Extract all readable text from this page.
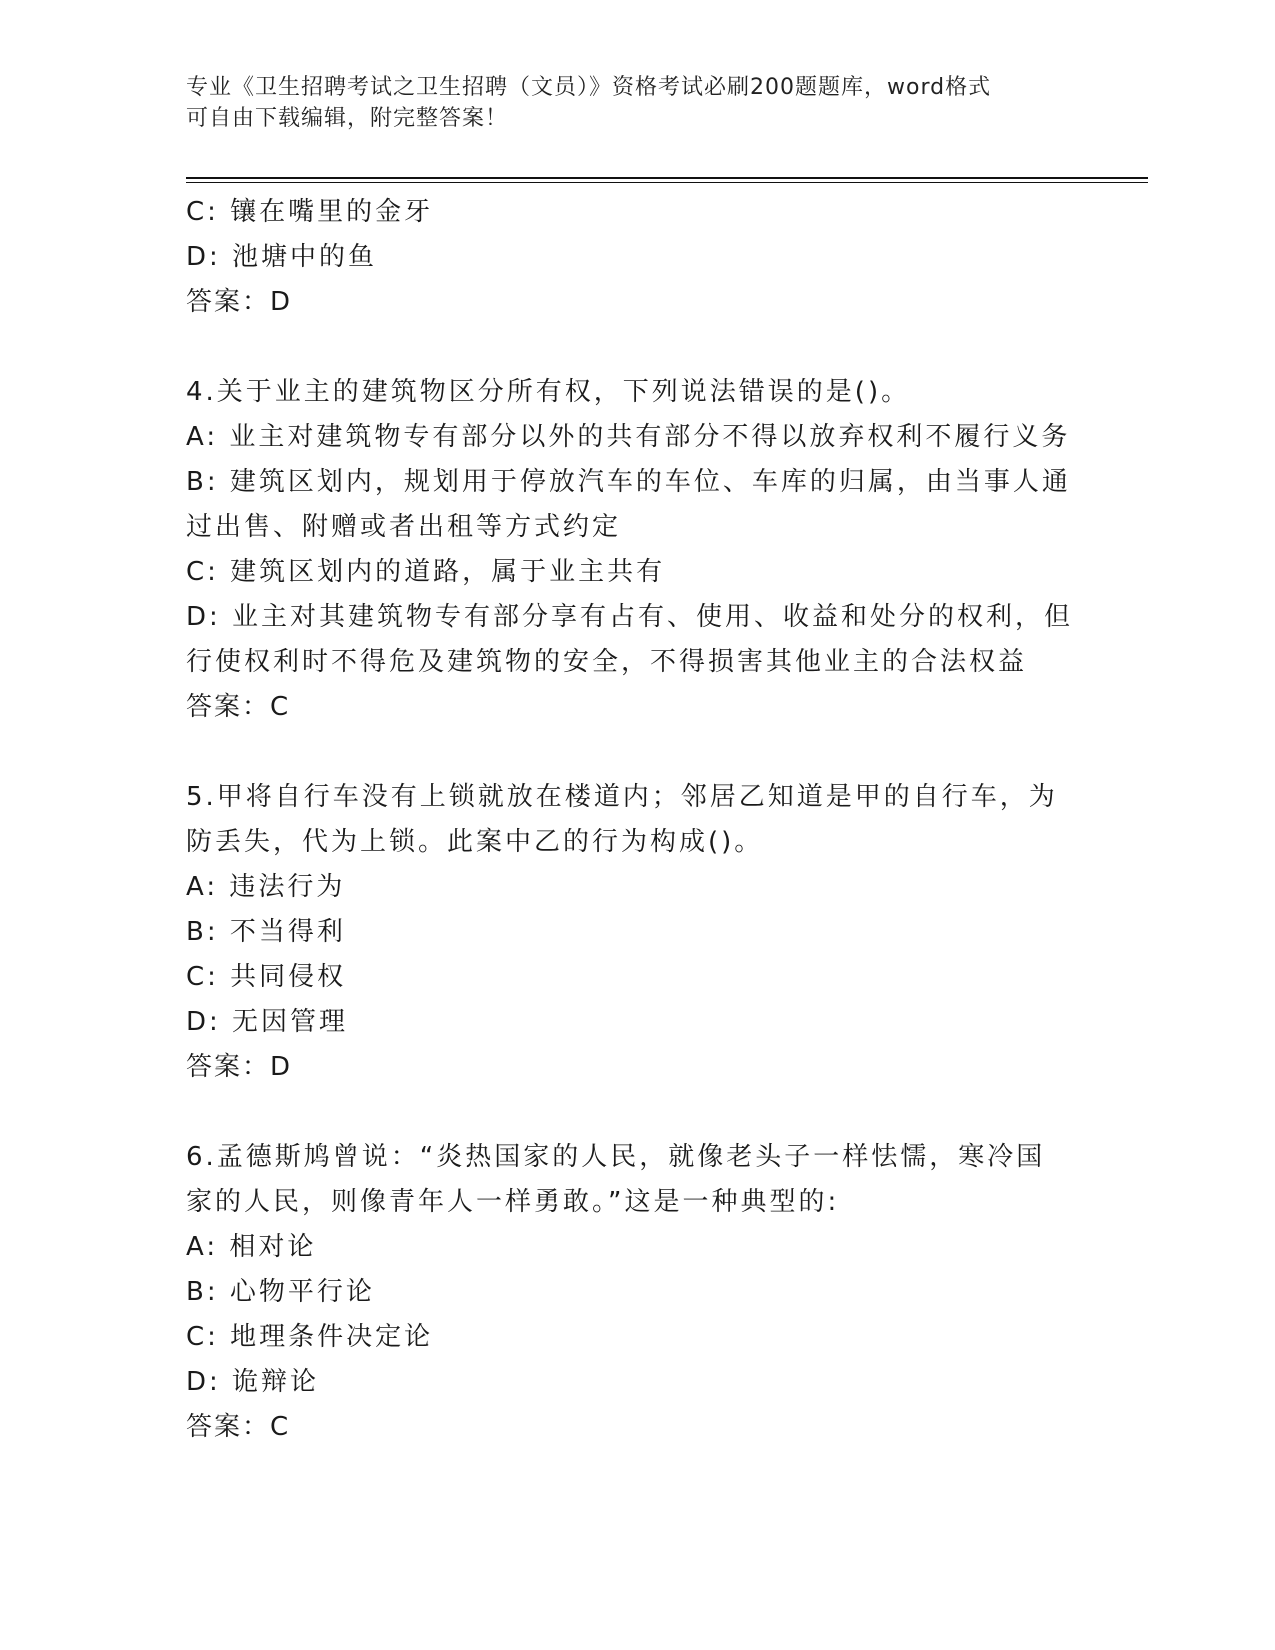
专业《卫生招聘考试之卫生招聘（文员）》资格考试必刷200题题库，word格式
可自由下载编辑，附完整答案！
C: 镶在嘴里的金牙
D: 池塘中的鱼
答案：D
4.关于业主的建筑物区分所有权，下列说法错误的是()。
A: 业主对建筑物专有部分以外的共有部分不得以放弃权利不履行义务
B: 建筑区划内，规划用于停放汽车的车位、车库的归属，由当事人通
过出售、附赠或者出租等方式约定
C: 建筑区划内的道路，属于业主共有
D: 业主对其建筑物专有部分享有占有、使用、收益和处分的权利，但
行使权利时不得危及建筑物的安全，不得损害其他业主的合法权益
答案：C
5.甲将自行车没有上锁就放在楼道内；邻居乙知道是甲的自行车，为
防丢失，代为上锁。此案中乙的行为构成()。
A: 违法行为
B: 不当得利
C: 共同侵权
D: 无因管理
答案：D
6.孟德斯鸠曾说：“炎热国家的人民，就像老头子一样怯懦，寒冷国
家的人民，则像青年人一样勇敢。”这是一种典型的:
A: 相对论
B: 心物平行论
C: 地理条件决定论
D: 诡辩论
答案：C
